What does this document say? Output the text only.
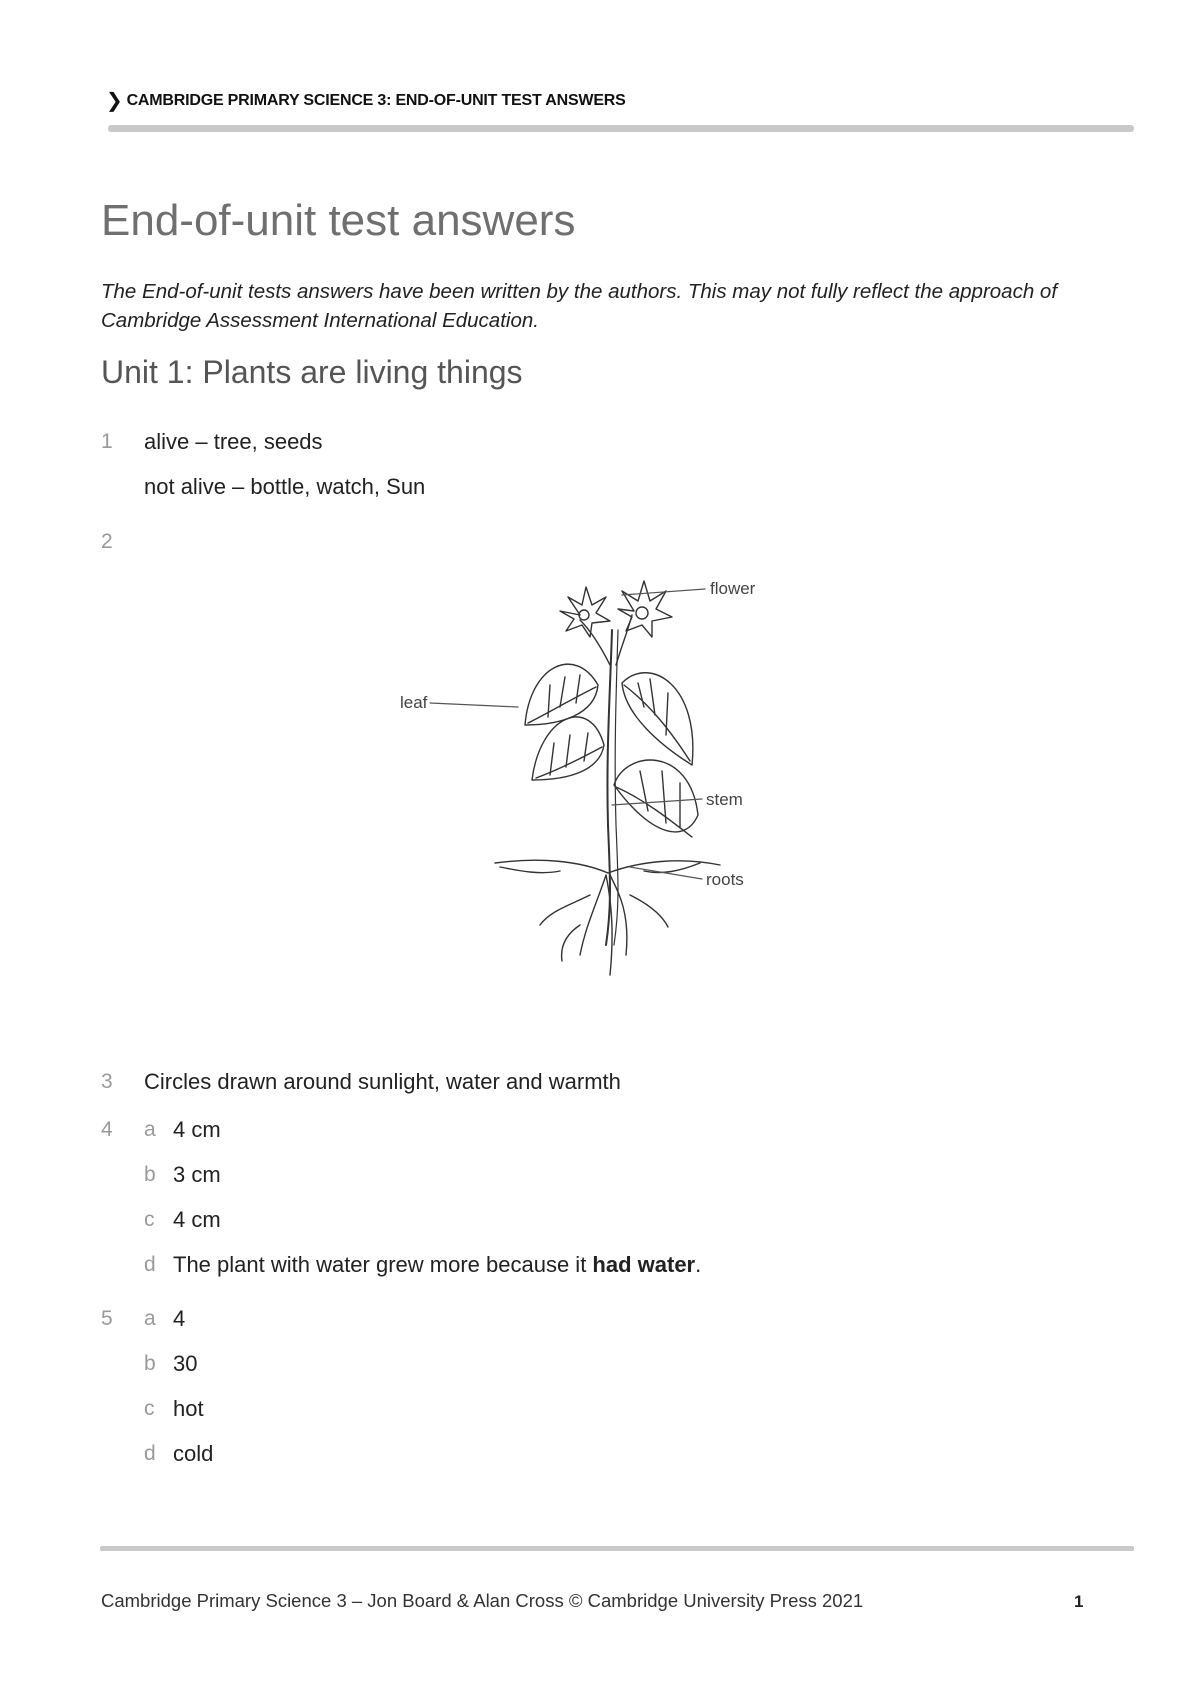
❯ CAMBRIDGE PRIMARY SCIENCE 3: END-OF-UNIT TEST ANSWERS
End-of-unit test answers
The End-of-unit tests answers have been written by the authors. This may not fully reflect the approach of Cambridge Assessment International Education.
Unit 1: Plants are living things
1 alive – tree, seeds
not alive – bottle, watch, Sun
2
flower
leaf
stem
roots
3 Circles drawn around sunlight, water and warmth
4 a 4 cm
b 3 cm
c 4 cm
d The plant with water grew more because it had water.
5 a 4
b 30
c hot
d cold
Cambridge Primary Science 3 – Jon Board & Alan Cross © Cambridge University Press 2021	1
